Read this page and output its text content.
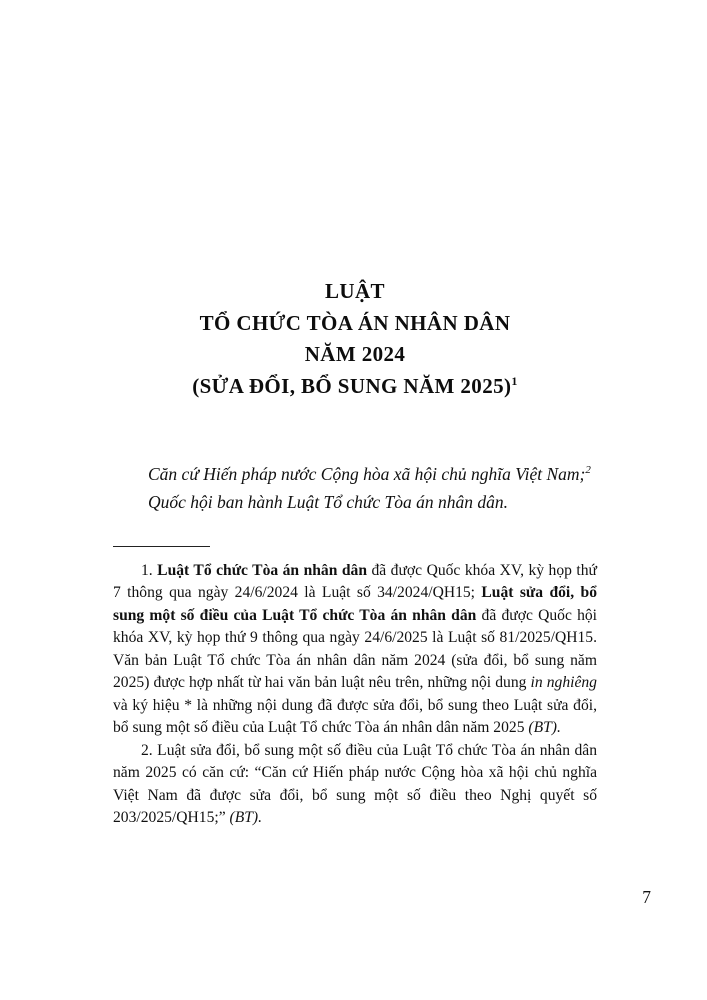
LUẬT
TỔ CHỨC TÒA ÁN NHÂN DÂN
NĂM 2024
(SỬA ĐỔI, BỔ SUNG NĂM 2025)$^1$

Căn cứ Hiến pháp nước Cộng hòa xã hội chủ nghĩa Việt Nam;$^2$

Quốc hội ban hành Luật Tổ chức Tòa án nhân dân.

1. Luật Tổ chức Tòa án nhân dân đã được Quốc khóa XV, kỳ họp thứ 7 thông qua ngày 24/6/2024 là Luật số 34/2024/QH15; Luật sửa đổi, bổ sung một số điều của Luật Tổ chức Tòa án nhân dân đã được Quốc hội khóa XV, kỳ họp thứ 9 thông qua ngày 24/6/2025 là Luật số 81/2025/QH15. Văn bản Luật Tổ chức Tòa án nhân dân năm 2024 (sửa đổi, bổ sung năm 2025) được hợp nhất từ hai văn bản luật nêu trên, những nội dung in nghiêng và ký hiệu * là những nội dung đã được sửa đổi, bổ sung theo Luật sửa đổi, bổ sung một số điều của Luật Tổ chức Tòa án nhân dân năm 2025 (BT).

2. Luật sửa đổi, bổ sung một số điều của Luật Tổ chức Tòa án nhân dân năm 2025 có căn cứ: “Căn cứ Hiến pháp nước Cộng hòa xã hội chủ nghĩa Việt Nam đã được sửa đổi, bổ sung một số điều theo Nghị quyết số 203/2025/QH15;” (BT).

7
